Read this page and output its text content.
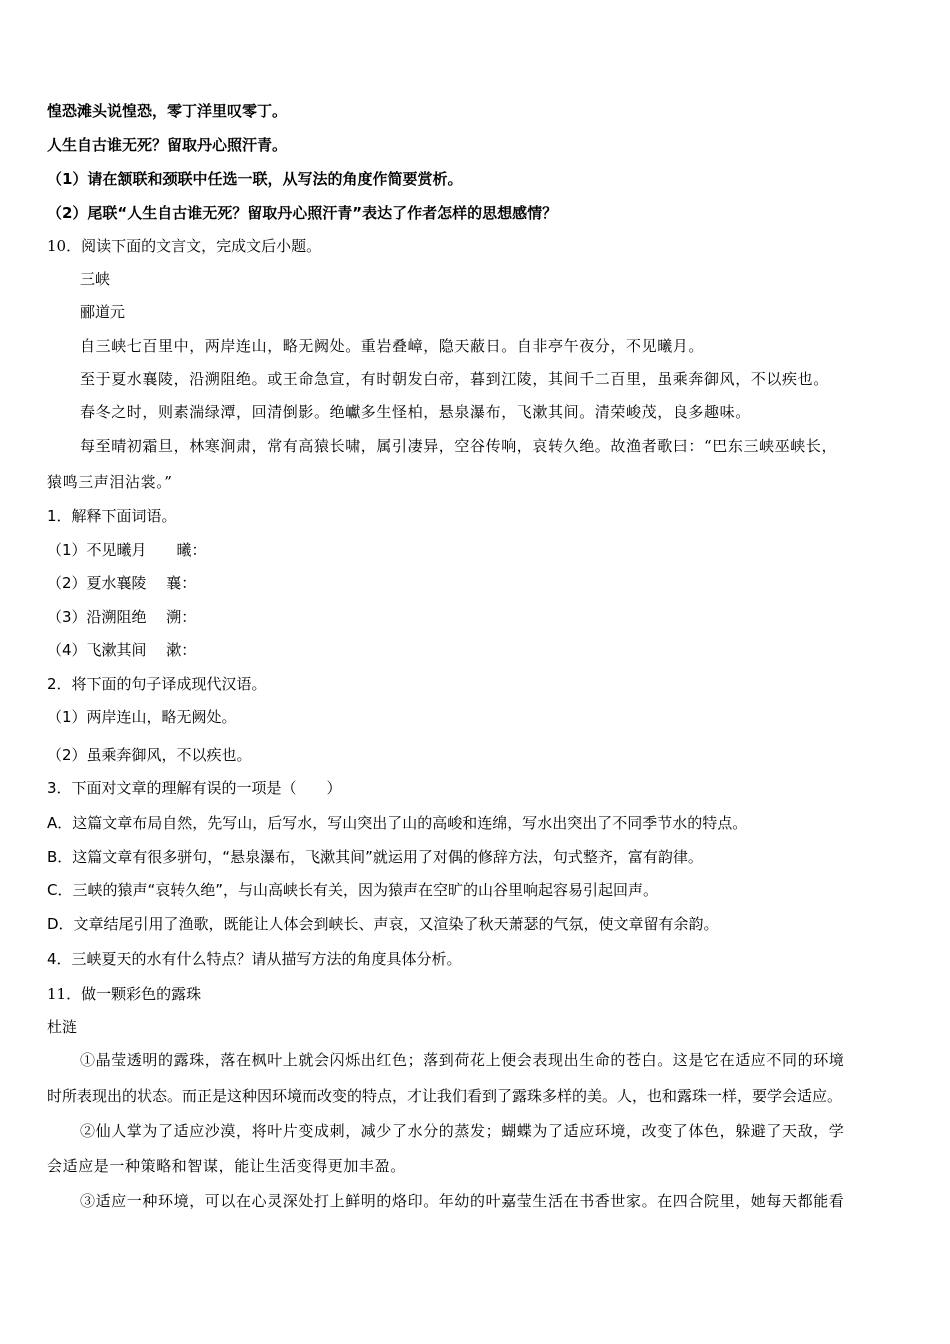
惶恐滩头说惶恐，零丁洋里叹零丁。
人生自古谁无死？留取丹心照汗青。
（1）请在颔联和颈联中任选一联，从写法的角度作简要赏析。
（2）尾联“人生自古谁无死？留取丹心照汗青”表达了作者怎样的思想感情？
10．阅读下面的文言文，完成文后小题。
三峡
郦道元
自三峡七百里中，两岸连山，略无阙处。重岩叠嶂，隐天蔽日。自非亭午夜分，不见曦月。
至于夏水襄陵，沿溯阻绝。或王命急宣，有时朝发白帝，暮到江陵，其间千二百里，虽乘奔御风，不以疾也。
春冬之时，则素湍绿潭，回清倒影。绝巘多生怪柏，悬泉瀑布，飞漱其间。清荣峻茂，良多趣味。
每至晴初霜旦，林寒涧肃，常有高猿长啸，属引凄异，空谷传响，哀转久绝。故渔者歌曰：“巴东三峡巫峡长，
猿鸣三声泪沾裳。”
1．解释下面词语。
（1）不见曦月　　曦：
（2）夏水襄陵　 襄：
（3）沿溯阻绝　 溯：
（4）飞漱其间　 漱：
2．将下面的句子译成现代汉语。
（1）两岸连山，略无阙处。
（2）虽乘奔御风，不以疾也。
3．下面对文章的理解有误的一项是（　　）
A．这篇文章布局自然，先写山，后写水，写山突出了山的高峻和连绵，写水出突出了不同季节水的特点。
B．这篇文章有很多骈句，“悬泉瀑布，飞漱其间”就运用了对偶的修辞方法，句式整齐，富有韵律。
C．三峡的猿声“哀转久绝”，与山高峡长有关，因为猿声在空旷的山谷里响起容易引起回声。
D．文章结尾引用了渔歌，既能让人体会到峡长、声哀，又渲染了秋天萧瑟的气氛，使文章留有余韵。
4．三峡夏天的水有什么特点？请从描写方法的角度具体分析。
11．做一颗彩色的露珠
杜涟
①晶莹透明的露珠，落在枫叶上就会闪烁出红色；落到荷花上便会表现出生命的苍白。这是它在适应不同的环境
时所表现出的状态。而正是这种因环境而改变的特点，才让我们看到了露珠多样的美。人，也和露珠一样，要学会适应。
②仙人掌为了适应沙漠，将叶片变成刺，减少了水分的蒸发；蝴蝶为了适应环境，改变了体色，躲避了天敌，学
会适应是一种策略和智谋，能让生活变得更加丰盈。
③适应一种环境，可以在心灵深处打上鲜明的烙印。年幼的叶嘉莹生活在书香世家。在四合院里，她每天都能看
